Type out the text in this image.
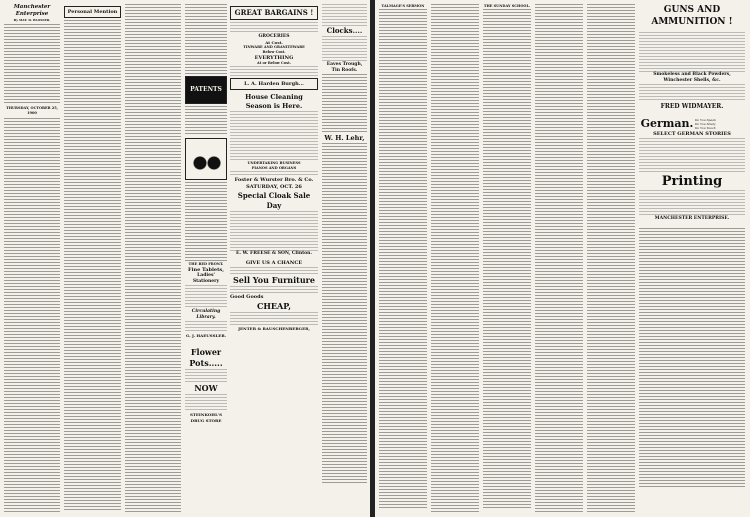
Manchester Enterprise
By MAT. D. BLOSSER.
THURSDAY, OCTOBER 25, 1900
Personal Mention
PATENTS
THE RED FRONT.
Fine Tablets,
Ladies' Stationery
Circulating Library.
G. J. HAEUSSLER.
Flower Pots.....
NOW
STEINKOHL'S
DRUG STORE
GREAT BARGAINS !
GROCERIES
At Cost.
TINWARE AND GRANITEWARE
Below Cost.
EVERYTHING
At or Below Cost.
L. A. Harden Burgh...
House Cleaning
Season is Here.
UNDERTAKING BUSINESS
PIANOS AND ORGANS
Foster & Wurster Bro. & Co.
SATURDAY, OCT. 26
Special Cloak Sale Day
E. W. FREESE & SON, Clinton.
GIVE US A CHANCE
Sell You Furniture
Good Goods
CHEAP,
JENTER & RAUSCHENBERGER,
Clocks....
Eaves Trough,
Tin Roofs.
W. H. Lehr,
TALMAGE'S SERMON	THE SUNDAY SCHOOL.	GUNS AND
AMMUNITION !
Smokeless and Black Powders,
Winchester Shells, &c.
FRED WIDMAYER.
German. Do You Speak
Do You Study
Do You Teach
SELECT GERMAN STORIES
Printing
MANCHESTER ENTERPRISE.
